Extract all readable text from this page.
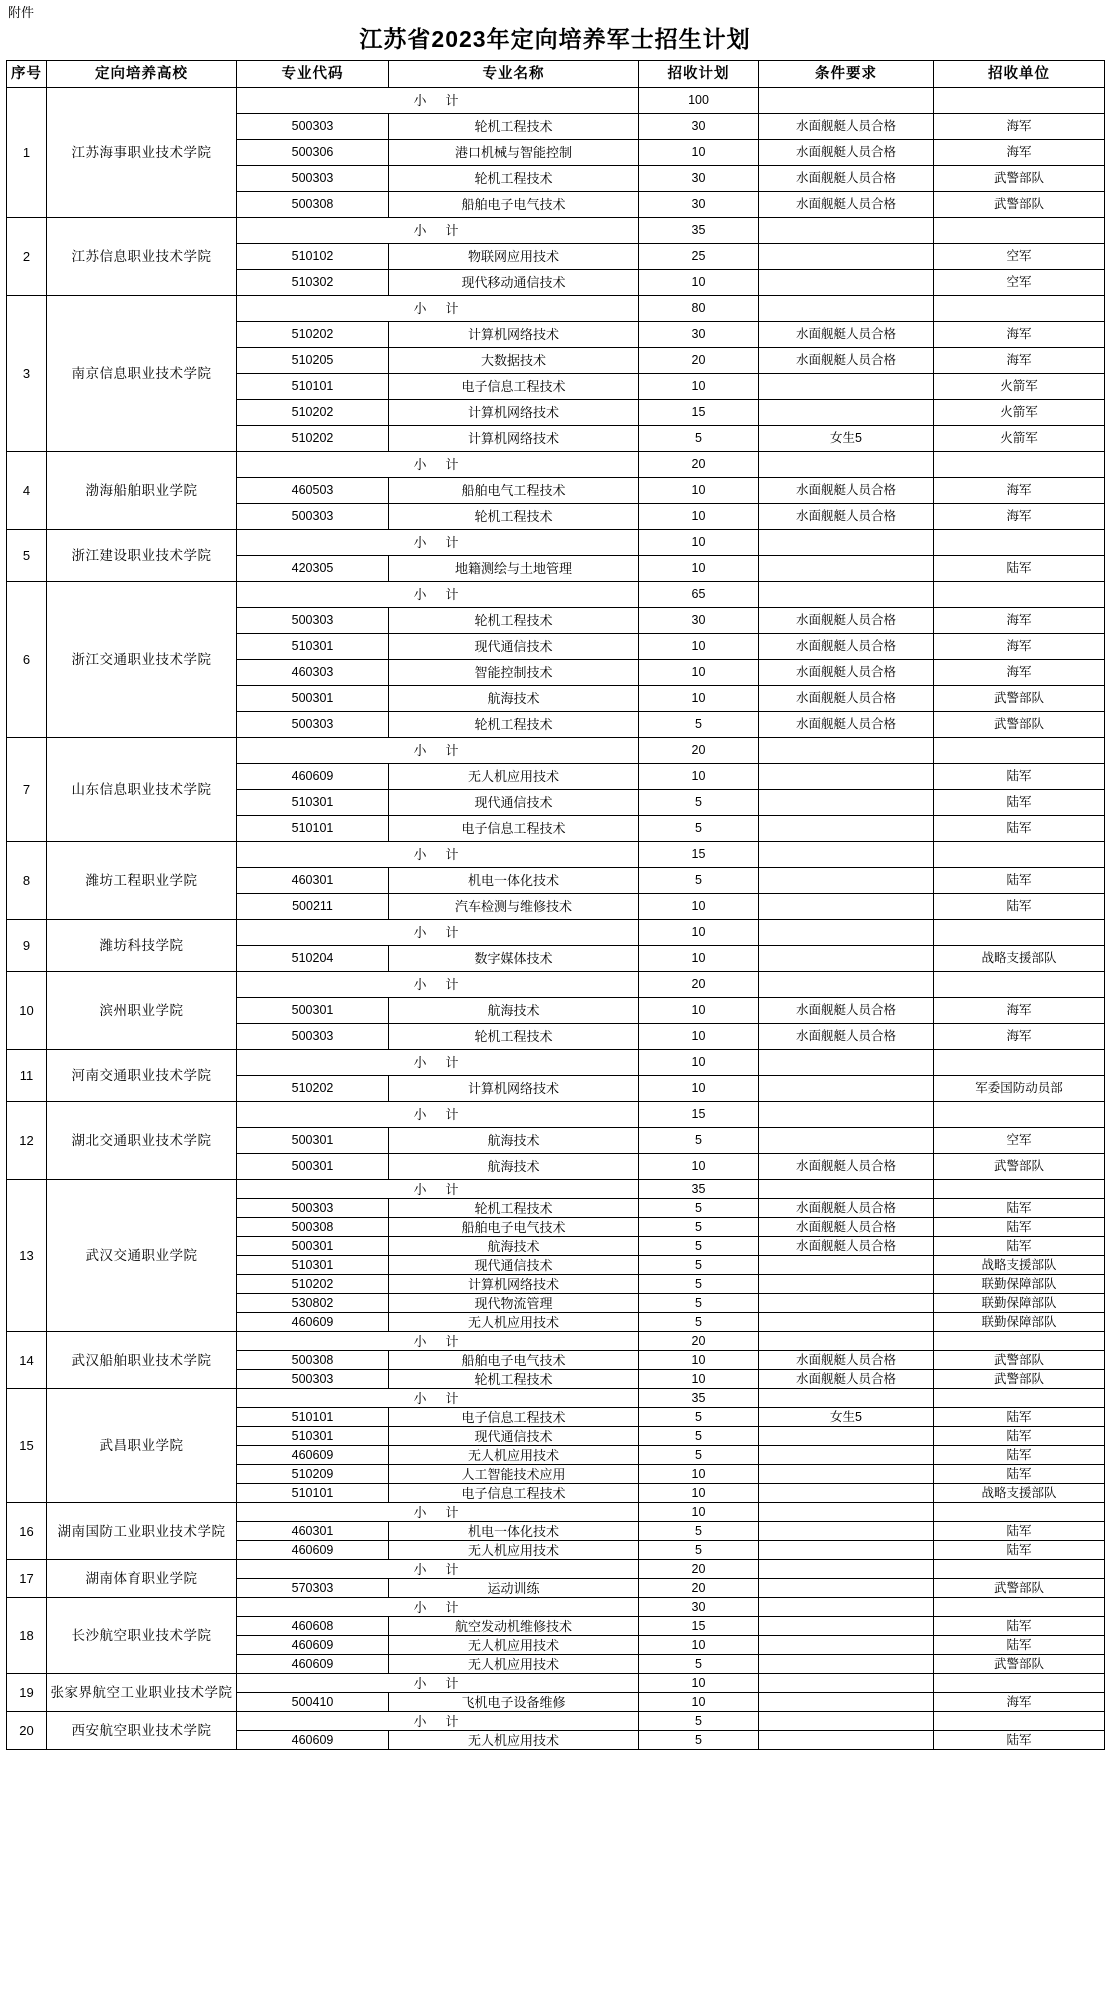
附件
江苏省2023年定向培养军士招生计划
序号	定向培养高校	专业代码	专业名称	招收计划	条件要求	招收单位
1	江苏海事职业技术学院	小　计		100		
		500303	轮机工程技术	30	水面舰艇人员合格	海军
		500306	港口机械与智能控制	10	水面舰艇人员合格	海军
		500303	轮机工程技术	30	水面舰艇人员合格	武警部队
		500308	船舶电子电气技术	30	水面舰艇人员合格	武警部队
2	江苏信息职业技术学院	小　计		35		
		510102	物联网应用技术	25		空军
		510302	现代移动通信技术	10		空军
3	南京信息职业技术学院	小　计		80		
		510202	计算机网络技术	30	水面舰艇人员合格	海军
		510205	大数据技术	20	水面舰艇人员合格	海军
		510101	电子信息工程技术	10		火箭军
		510202	计算机网络技术	15		火箭军
		510202	计算机网络技术	5	女生5	火箭军
4	渤海船舶职业学院	小　计		20		
		460503	船舶电气工程技术	10	水面舰艇人员合格	海军
		500303	轮机工程技术	10	水面舰艇人员合格	海军
5	浙江建设职业技术学院	小　计		10		
		420305	地籍测绘与土地管理	10		陆军
6	浙江交通职业技术学院	小　计		65		
		500303	轮机工程技术	30	水面舰艇人员合格	海军
		510301	现代通信技术	10	水面舰艇人员合格	海军
		460303	智能控制技术	10	水面舰艇人员合格	海军
		500301	航海技术	10	水面舰艇人员合格	武警部队
		500303	轮机工程技术	5	水面舰艇人员合格	武警部队
7	山东信息职业技术学院	小　计		20		
		460609	无人机应用技术	10		陆军
		510301	现代通信技术	5		陆军
		510101	电子信息工程技术	5		陆军
8	潍坊工程职业学院	小　计		15		
		460301	机电一体化技术	5		陆军
		500211	汽车检测与维修技术	10		陆军
9	潍坊科技学院	小　计		10		
		510204	数字媒体技术	10		战略支援部队
10	滨州职业学院	小　计		20		
		500301	航海技术	10	水面舰艇人员合格	海军
		500303	轮机工程技术	10	水面舰艇人员合格	海军
11	河南交通职业技术学院	小　计		10		
		510202	计算机网络技术	10		军委国防动员部
12	湖北交通职业技术学院	小　计		15		
		500301	航海技术	5		空军
		500301	航海技术	10	水面舰艇人员合格	武警部队
13	武汉交通职业学院	小　计		35		
		500303	轮机工程技术	5	水面舰艇人员合格	陆军
		500308	船舶电子电气技术	5	水面舰艇人员合格	陆军
		500301	航海技术	5	水面舰艇人员合格	陆军
		510301	现代通信技术	5		战略支援部队
		510202	计算机网络技术	5		联勤保障部队
		530802	现代物流管理	5		联勤保障部队
		460609	无人机应用技术	5		联勤保障部队
14	武汉船舶职业技术学院	小　计		20		
		500308	船舶电子电气技术	10	水面舰艇人员合格	武警部队
		500303	轮机工程技术	10	水面舰艇人员合格	武警部队
15	武昌职业学院	小　计		35		
		510101	电子信息工程技术	5	女生5	陆军
		510301	现代通信技术	5		陆军
		460609	无人机应用技术	5		陆军
		510209	人工智能技术应用	10		陆军
		510101	电子信息工程技术	10		战略支援部队
16	湖南国防工业职业技术学院	小　计		10		
		460301	机电一体化技术	5		陆军
		460609	无人机应用技术	5		陆军
17	湖南体育职业学院	小　计		20		
		570303	运动训练	20		武警部队
18	长沙航空职业技术学院	小　计		30		
		460608	航空发动机维修技术	15		陆军
		460609	无人机应用技术	10		陆军
		460609	无人机应用技术	5		武警部队
19	张家界航空工业职业技术学院	小　计		10		
		500410	飞机电子设备维修	10		海军
20	西安航空职业技术学院	小　计		5		
		460609	无人机应用技术	5		陆军
